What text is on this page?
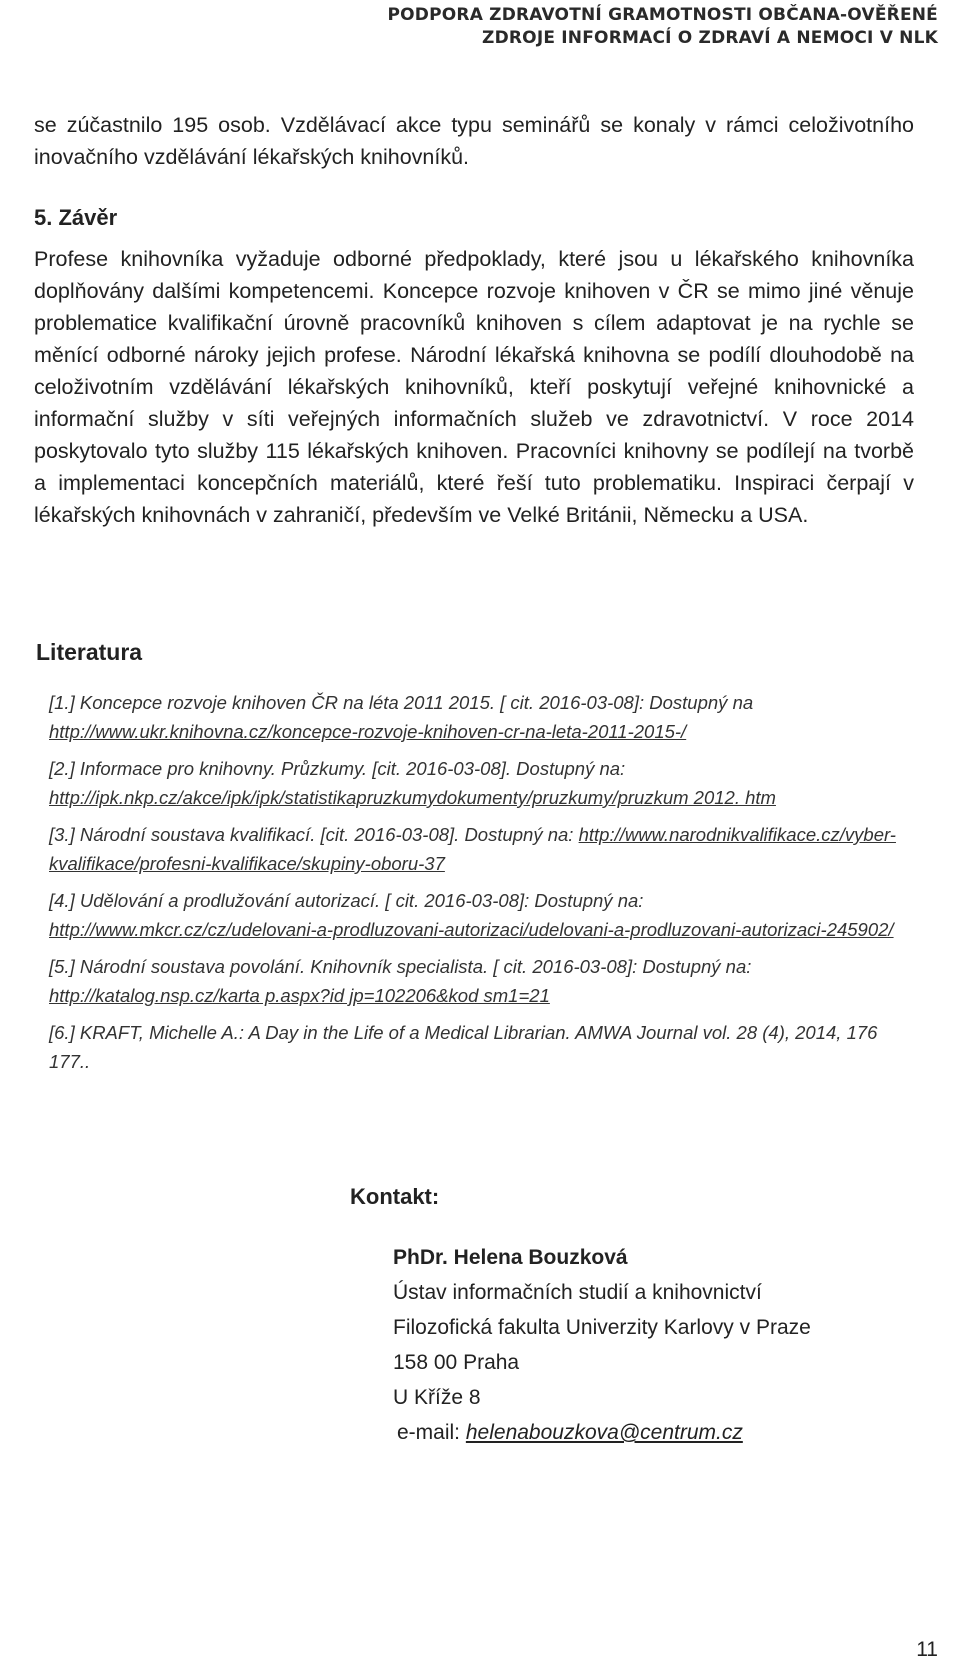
PODPORA ZDRAVOTNÍ GRAMOTNOSTI OBČANA-OVĚŘENÉ
ZDROJE INFORMACÍ O ZDRAVÍ A NEMOCI V NLK
se zúčastnilo 195 osob. Vzdělávací akce typu seminářů se konaly v rámci celoživotního inovačního vzdělávání lékařských knihovníků.
5. Závěr

Profese knihovníka vyžaduje odborné předpoklady, které jsou u lékařského knihovníka doplňovány dalšími kompetencemi. Koncepce rozvoje knihoven v ČR se mimo jiné věnuje problematice kvalifikační úrovně pracovníků knihoven s cílem adaptovat je na rychle se měnící odborné nároky jejich profese. Národní lékařská knihovna se podílí dlouhodobě na celoživotním vzdělávání lékařských knihovníků, kteří poskytují veřejné knihovnické a informační služby v síti veřejných informačních služeb ve zdravotnictví. V roce 2014 poskytovalo tyto služby 115 lékařských knihoven. Pracovníci knihovny se podílejí na tvorbě a implementaci koncepčních materiálů, které řeší tuto problematiku. Inspiraci čerpají v lékařských knihovnách v zahraničí, především ve Velké Británii, Německu a USA.

Literatura
[1.] Koncepce rozvoje knihoven ČR na léta 2011 2015. [ cit. 2016-03-08]: Dostupný na http://www.ukr.knihovna.cz/koncepce-rozvoje-knihoven-cr-na-leta-2011-2015-/
[2.] Informace pro knihovny. Průzkumy. [cit. 2016-03-08]. Dostupný na: http://ipk.nkp.cz/akce/ipk/ipk/statistikapruzkumydokumenty/pruzkumy/pruzkum 2012. htm
[3.] Národní soustava kvalifikací. [cit. 2016-03-08]. Dostupný na: http://www.narodnikvalifikace.cz/vyber-kvalifikace/profesni-kvalifikace/skupiny-oboru-37
[4.] Udělování a prodlužování autorizací. [ cit. 2016-03-08]: Dostupný na: http://www.mkcr.cz/cz/udelovani-a-prodluzovani-autorizaci/udelovani-a-prodluzovani-autorizaci-245902/
[5.] Národní soustava povolání. Knihovník specialista. [ cit. 2016-03-08]: Dostupný na: http://katalog.nsp.cz/karta p.aspx?id jp=102206&kod sm1=21
[6.] KRAFT, Michelle A.: A Day in the Life of a Medical Librarian. AMWA Journal vol. 28 (4), 2014, 176 177..
Kontakt:
PhDr. Helena Bouzková
Ústav informačních studií a knihovnictví
Filozofická fakulta Univerzity Karlovy v Praze
158 00 Praha
U Kříže 8
e-mail: helenabouzkova@centrum.cz
11
